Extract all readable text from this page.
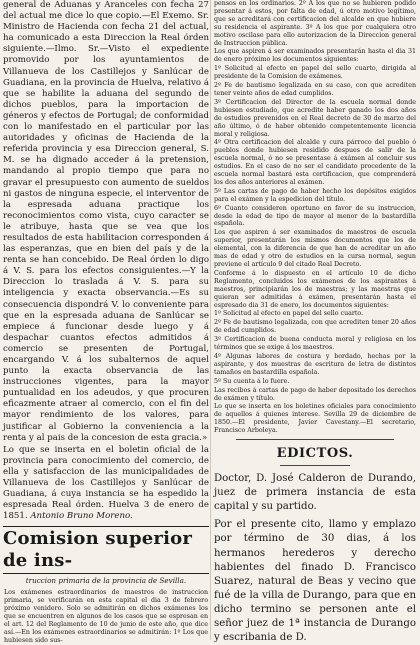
general de Aduanas y Aranceles con fecha 27 del actual me dice lo que copio.—El Exemo. Sr. Ministro de Hacienda con fecha 21 del actual, ha comunicado a esta Direccion la Real órden siguiente.—Ilmo. Sr.—Visto el expediente promovido por los ayuntamientos de Villanueva de los Castillejos y Sanlúcar de Guadiana, en la provincia de Huelva, relativo á que se habilite la aduana del segundo de dichos pueblos, para la importacion de géneros y efectos de Portugal; de conformidad con lo manifestado en el particular por las autoridades y oficinas de Hacienda de la referida provincia y esa Direccion general, S. M. se ha dignado acceder á la pretension, mandando al propio tiempo que para no gravar el presupuesto con aumento de sueldos ni gastos de ninguna especie, el interventor de la espresada aduana practique los reconocimientos como vista, cuyo caracter se le atribuye, hasta que se vea que los resultados de esta habilitacion corresponden á las esperanzas, que en bien del país y de la renta se han concebido. De Real órden lo digo á V. S. para los efectos consiguientes.—Y la Direccion lo traslada á V. S. para su inteligencia y exacta observancia.—Es su consecuencia dispondrá V. lo conveniente para que en la espresada aduana de Sanlúcar se empiece á funcionar desde luego y á despachar cuantos efectos admitidos á comercio se presenten de Portugal, encargando V. á los subalternos de aquel punto la exacta observancia de las instrucciones vigentes, para la mayor puntualidad en los adeudos, y que procuren eficazmente atraer al comercio, con el fin del mayor rendimiento de los valores, para justificar al Gobierno la conveniencia a la renta y al pais de la concesion de esta gracia.»

Lo que se inserta en el boletin oficial de la provincia para conocimiento del comercio, de ella y satisfaccion de las municipalidades de Villanueva de los Castillejos y Sanlúcar de Guadiana, á cuya instancia se ha espedido la espresada Real órden. Huelva 3 de enero de 1851. Antonio Bruno Moreno.

Comision superior de ins-
truccion primaria de la provincia de Sevilla.

Los exámenes estraordinarios de maestros de instruccion primaria, se verificarán en esta capital el dia 3 de febrero próximo venidero. Solo se admitirán en dichos exámenes los que se encuentren en algunos de los casos que se espresan en el art. 12 del Reglamento de 10 de junio de este año, que dice así.—En los exámenes estraordinarios se admitirán: 1º Los que hubiesen sido sus-

pensos en los ordinarios. 2º A los que no se hubieren podido presentar á estos, por falta de edad, ú otro motivo legítimo, que se acreditará con certificacion del alcalde en que hubiere su residencia el aspirante. 3º A los que por cualquiera otro motivo oscilase para ello autorizacion de la Direccion general de Instruccion pública.

Los que aspiren á ser examinados presentarán hasta el dia 31 de enero próximo los documentos siguientes:

1º Solicitud al efecto en papel del sello cuarto, dirigida al presidente de la Comision de exámenes.

2º Fe de bautismo legalizada en su caso, con que acrediten tener veinte años de edad cumplidos.

3º Certificacion del Director de la escuela normal donde hubiesen estudiado, que acredite haber ganado los dos años de estudios prevenidos en el Real decreto de 30 de marzo del año último, ó de haber obtenido competentemente licencia moral y religiosa.

4º Otra certificacion del alcalde y cura párroco del pueblo ó pueblos donde hubiesen residido despues de salir de la escuela normal, ó no se presentase á exámen al concluir sus estudios. En el caso de no ser el candidato procedente de la escuela normal bastará esta certificacion, que comprenderá los dos años anteriores al exámen.

5º Las cartas de pago de haber hecho los depósitos exigidos para el exámen y la espedicion del título.

6º Cuanto consideren oportuno en favor de su instruccion, desde la edad de tipo de mayor al menor de la bastardilla española.

Los que aspiren á ser examinados de maestros de escuela superior, presentarán los mismos documentos que los de elemental, con la diferencia de que han de acreditar un año mas de edad y otro de estudios en la cursa normal, segun previene el artículo 9 del citado Real Decreto.

Conforme á lo dispuesto en el artículo 10 de dicho Reglamento, concluidos los exámenes de los aspirantes á maestros, principiarán los de maestras; y las maestras que quieran ser admitidas á exámen, presentarán hasta el espresado dia 31 de enero, los documentos siguientes:

1º Solicitud al efecto en papel del sello cuarto.

2º Fe de bautismo legalizada, con que acrediten tener 20 años de edad cumplidos.

3º Certificacion de buena conducta moral y religiosa en los términos que se exige á los maestros.

4º Algunas labores de costura y bordado, hechas por la aspirante, y dos muestras de escritura de letra de distintos tamaños en bastardilla española.

5º Su cuenta á lo fuere.

Las recibos á cartas de pago de haber depositado los derechos de exámen y título.

Lo que se inserta en los boletines oficiales para conocimiento de aquellos á quienes interese. Sevilla 29 de diciembre de 1850.—El presidente, Javier Cavestany.—El secretario, Francisco Arboleya.

EDICTOS.

Doctor, D. José Calderon de Durando, juez de primera instancia de esta capital y su partido.

Por el presente cito, llamo y emplazo por término de 30 dias, á los hermanos herederos y derecho habientes del finado D. Francisco Suarez, natural de Beas y vecino que fué de la villa de Durango, para que en dicho termino se personen ante el señor juez de 1ª instancia de Durango y escribania de D.
